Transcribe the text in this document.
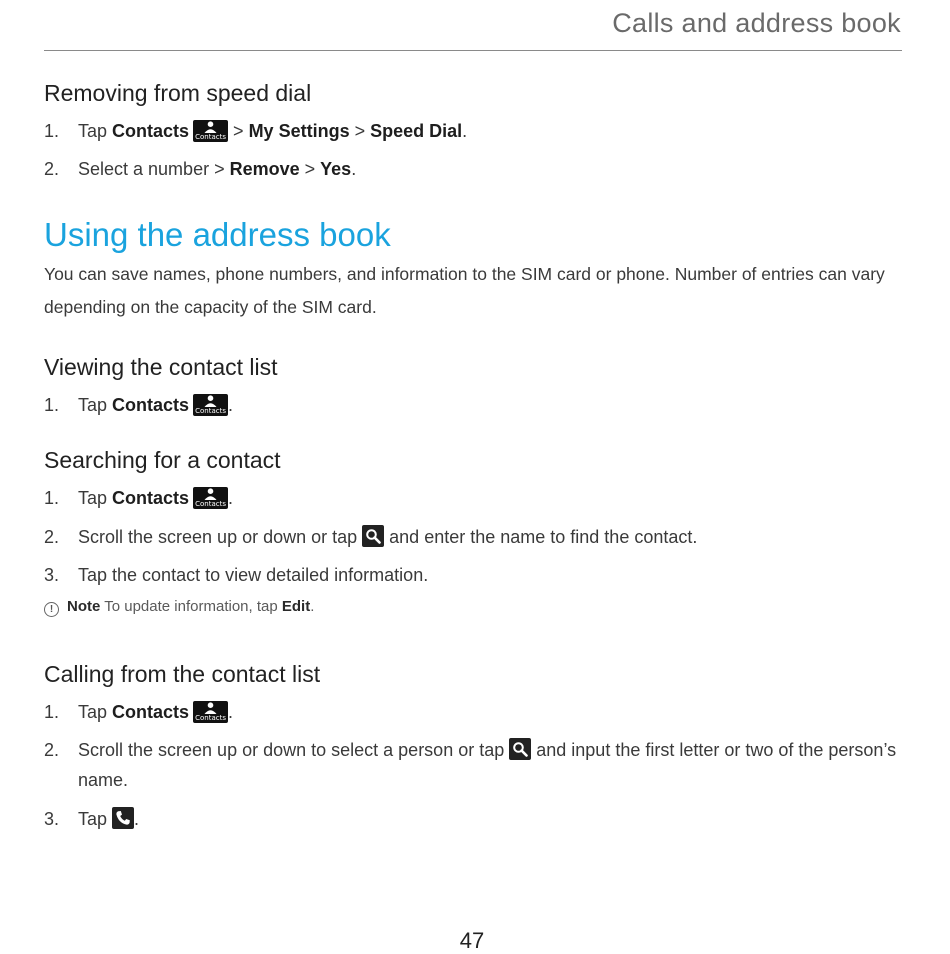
Calls and address book
Removing from speed dial
1.	Tap Contacts Contacts > My Settings > Speed Dial.
2.	Select a number > Remove > Yes.
Using the address book

You can save names, phone numbers, and information to the SIM card or phone. Number of entries can vary depending on the capacity of the SIM card.

Viewing the contact list
1.	Tap Contacts Contacts .
Searching for a contact
1.	Tap Contacts Contacts .
2.	Scroll the screen up or down or tap
and enter the name to find the contact.
3.	Tap the contact to view detailed information.
! Note To update information, tap Edit.
Calling from the contact list
1.	Tap Contacts Contacts .
2.	Scroll the screen up or down to select a person or tap
and input the first letter or two of the person’s name.
3.	Tap
.
47
